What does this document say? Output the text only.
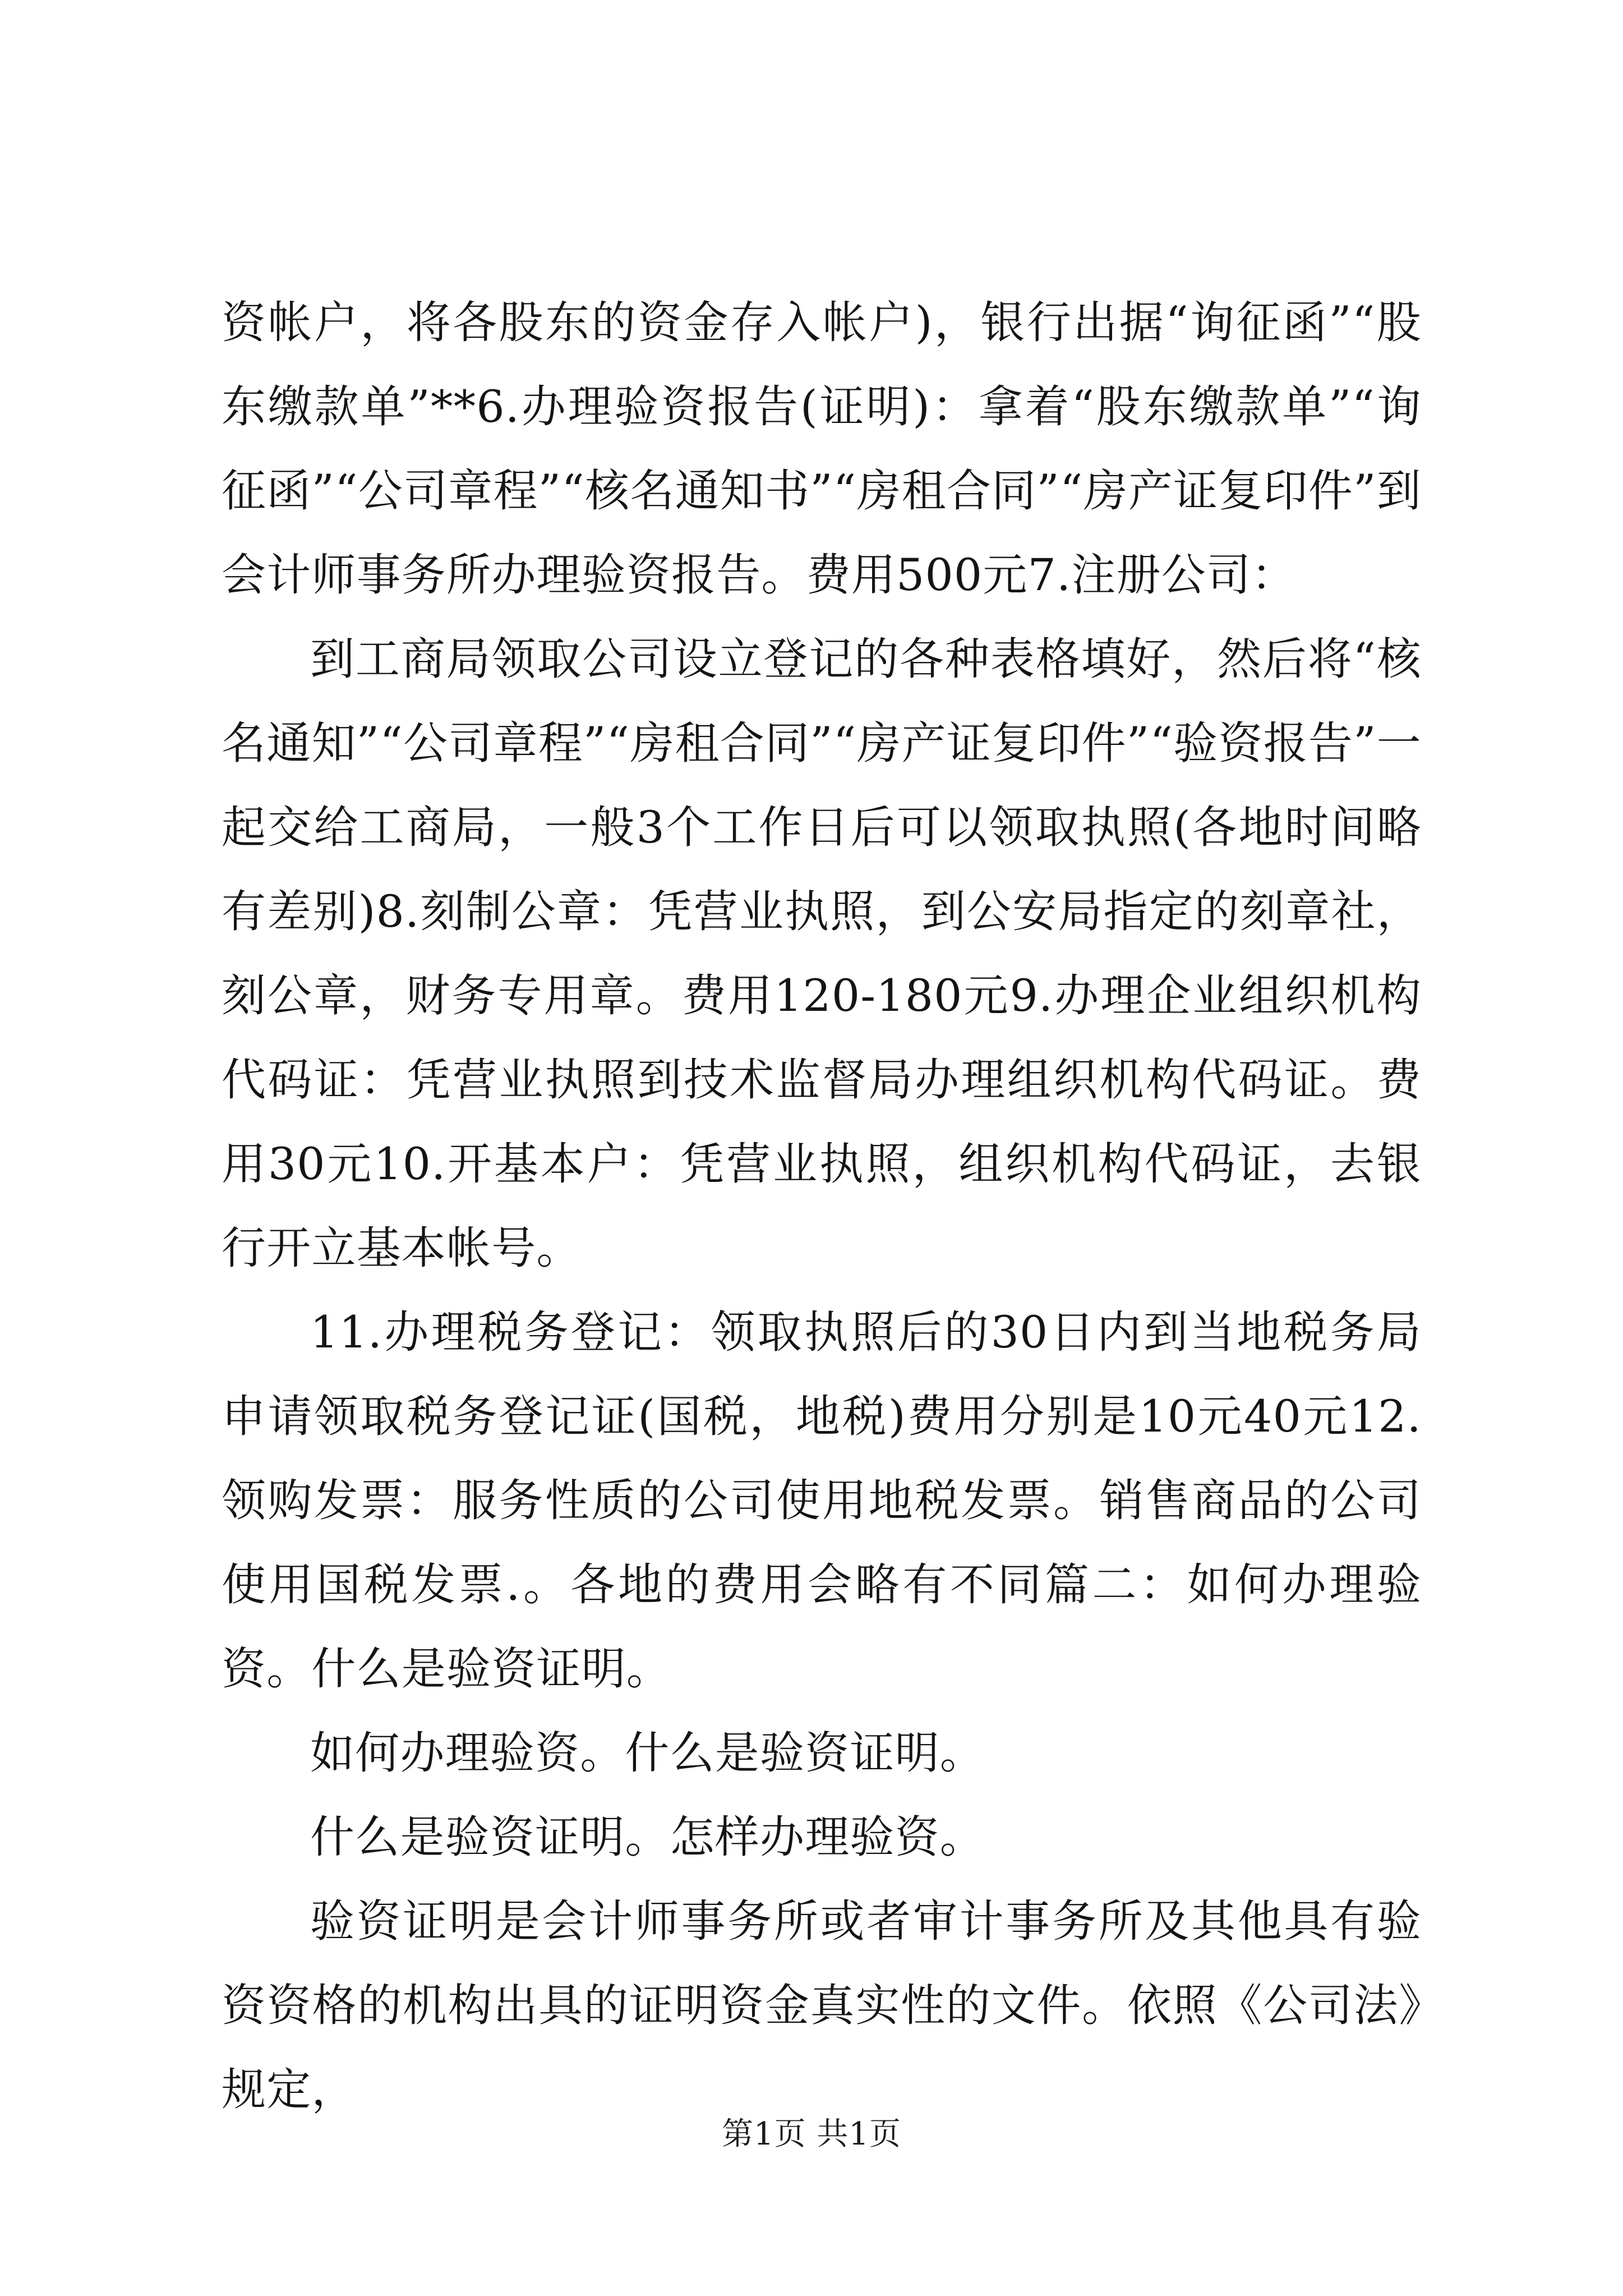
资帐户，将各股东的资金存入帐户)，银行出据“询征函”“股东缴款单”**6.办理验资报告(证明)：拿着“股东缴款单”“询征函”“公司章程”“核名通知书”“房租合同”“房产证复印件”到会计师事务所办理验资报告。费用500元7.注册公司：

到工商局领取公司设立登记的各种表格填好，然后将“核名通知”“公司章程”“房租合同”“房产证复印件”“验资报告”一起交给工商局，一般3个工作日后可以领取执照(各地时间略有差别)8.刻制公章：凭营业执照，到公安局指定的刻章社，刻公章，财务专用章。费用120-180元9.办理企业组织机构代码证：凭营业执照到技术监督局办理组织机构代码证。费用30元10.开基本户：凭营业执照，组织机构代码证，去银行开立基本帐号。

11.办理税务登记：领取执照后的30日内到当地税务局申请领取税务登记证(国税，地税)费用分别是10元40元12.领购发票：服务性质的公司使用地税发票。销售商品的公司使用国税发票.。各地的费用会略有不同篇二：如何办理验资。什么是验资证明。

如何办理验资。什么是验资证明。

什么是验资证明。怎样办理验资。

验资证明是会计师事务所或者审计事务所及其他具有验资资格的机构出具的证明资金真实性的文件。依照《公司法》规定，

第1页 共1页
